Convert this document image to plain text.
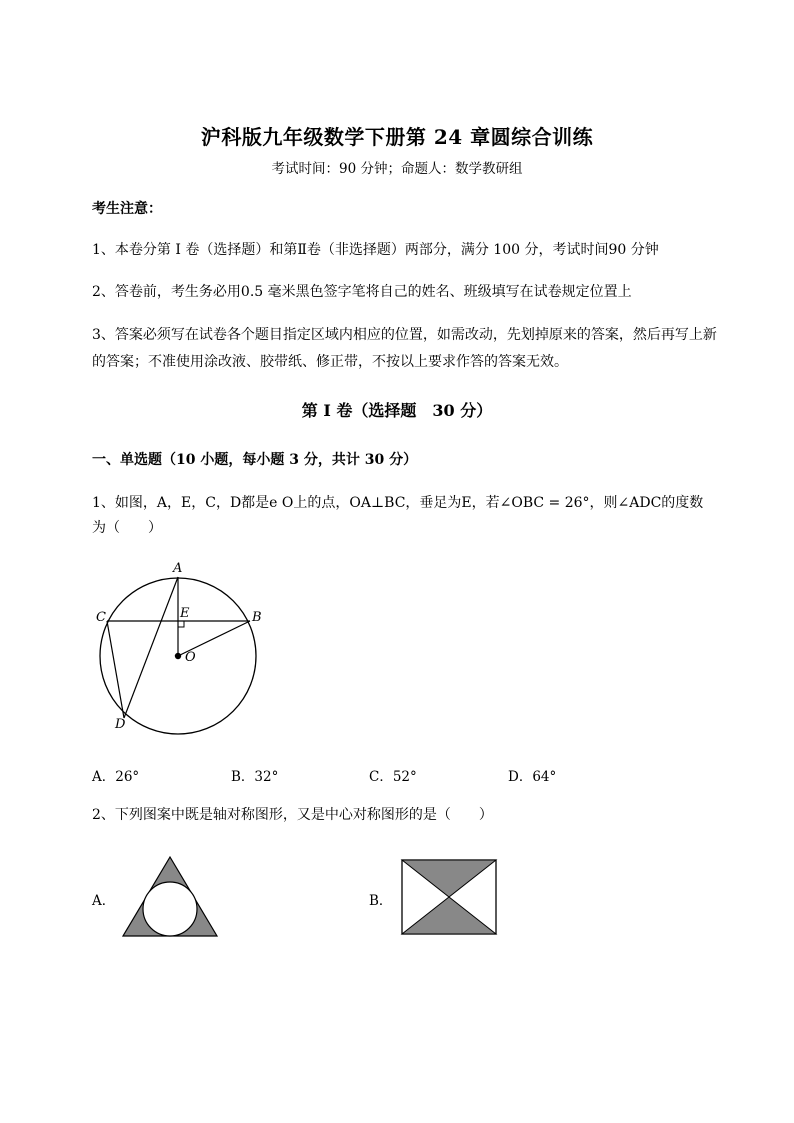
沪科版九年级数学下册第 24 章圆综合训练
考试时间：90 分钟；命题人：数学教研组
考生注意：
1、本卷分第 I 卷（选择题）和第Ⅱ卷（非选择题）两部分，满分 100 分，考试时间90 分钟
2、答卷前，考生务必用0.5 毫米黑色签字笔将自己的姓名、班级填写在试卷规定位置上
3、答案必须写在试卷各个题目指定区域内相应的位置，如需改动，先划掉原来的答案，然后再写上新
的答案；不准使用涂改液、胶带纸、修正带，不按以上要求作答的答案无效。
第 I 卷（选择题　30 分）
一、单选题（10 小题，每小题 3 分，共计 30 分）
1、如图，A，E，C，D都是e O上的点，OA⊥BC，垂足为E，若∠OBC = 26°，则∠ADC的度数
为（　　）
A
B
C
D
E
O
A．26°	B．32°	C．52°	D．64°
2、下列图案中既是轴对称图形，又是中心对称图形的是（　　）
A．	B．
